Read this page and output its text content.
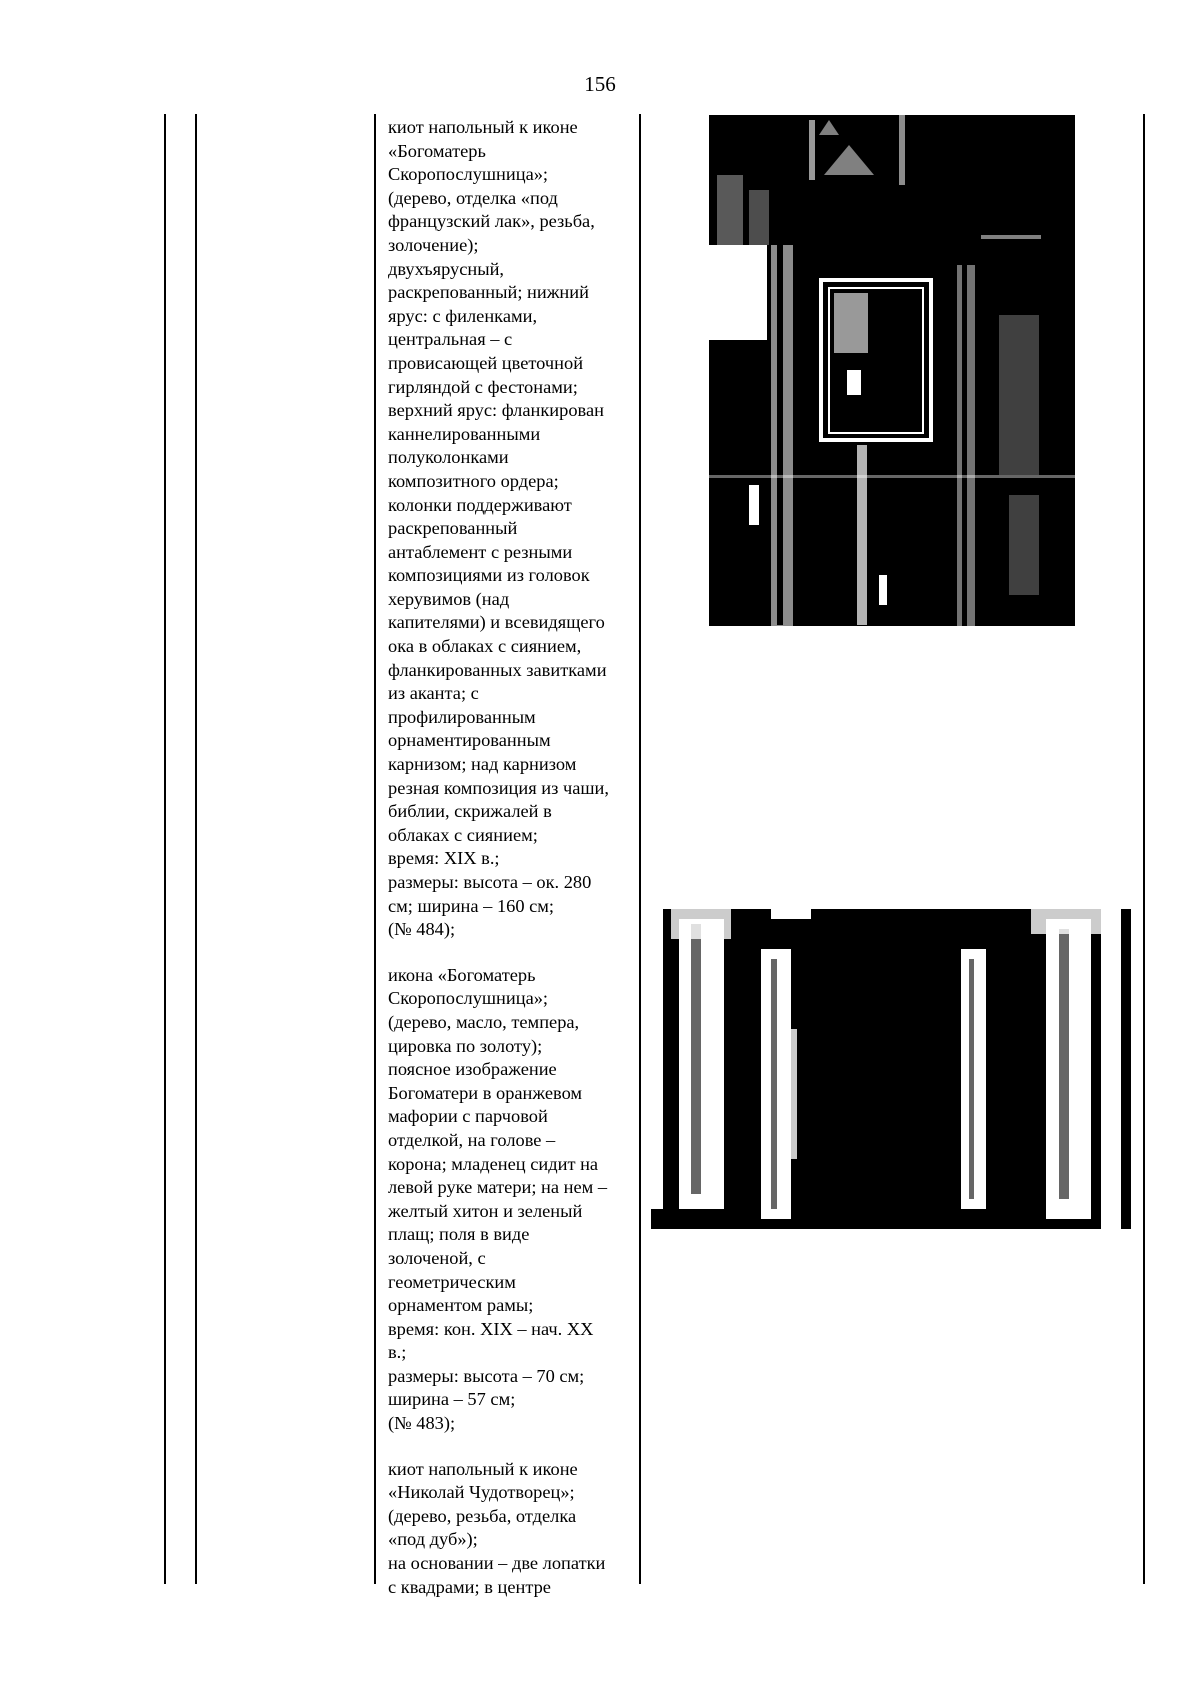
156
киот напольный к иконе
«Богоматерь
Скоропослушница»;
(дерево, отделка «под
французский лак», резьба,
золочение);
двухъярусный,
раскрепованный; нижний
ярус: с филенками,
центральная – с
провисающей цветочной
гирляндой с фестонами;
верхний ярус: фланкирован
каннелированными
полуколонками
композитного ордера;
колонки поддерживают
раскрепованный
антаблемент с резными
композициями из головок
херувимов (над
капителями) и всевидящего
ока в облаках с сиянием,
фланкированных завитками
из аканта; с
профилированным
орнаментированным
карнизом; над карнизом
резная композиция из чаши,
библии, скрижалей в
облаках с сиянием;
время: XIX в.;
размеры: высота – ок. 280
см; ширина – 160 см;
(№ 484);
икона «Богоматерь
Скоропослушница»;
(дерево, масло, темпера,
цировка по золоту);
поясное изображение
Богоматери в оранжевом
мафории с парчовой
отделкой, на голове –
корона; младенец сидит на
левой руке матери; на нем –
желтый хитон и зеленый
плащ; поля в виде
золоченой, с
геометрическим
орнаментом рамы;
время: кон. XIX – нач. XX
в.;
размеры: высота – 70 см;
ширина – 57 см;
(№ 483);
киот напольный к иконе
«Николай Чудотворец»;
(дерево, резьба, отделка
«под дуб»);
на основании – две лопатки
с квадрами; в центре
